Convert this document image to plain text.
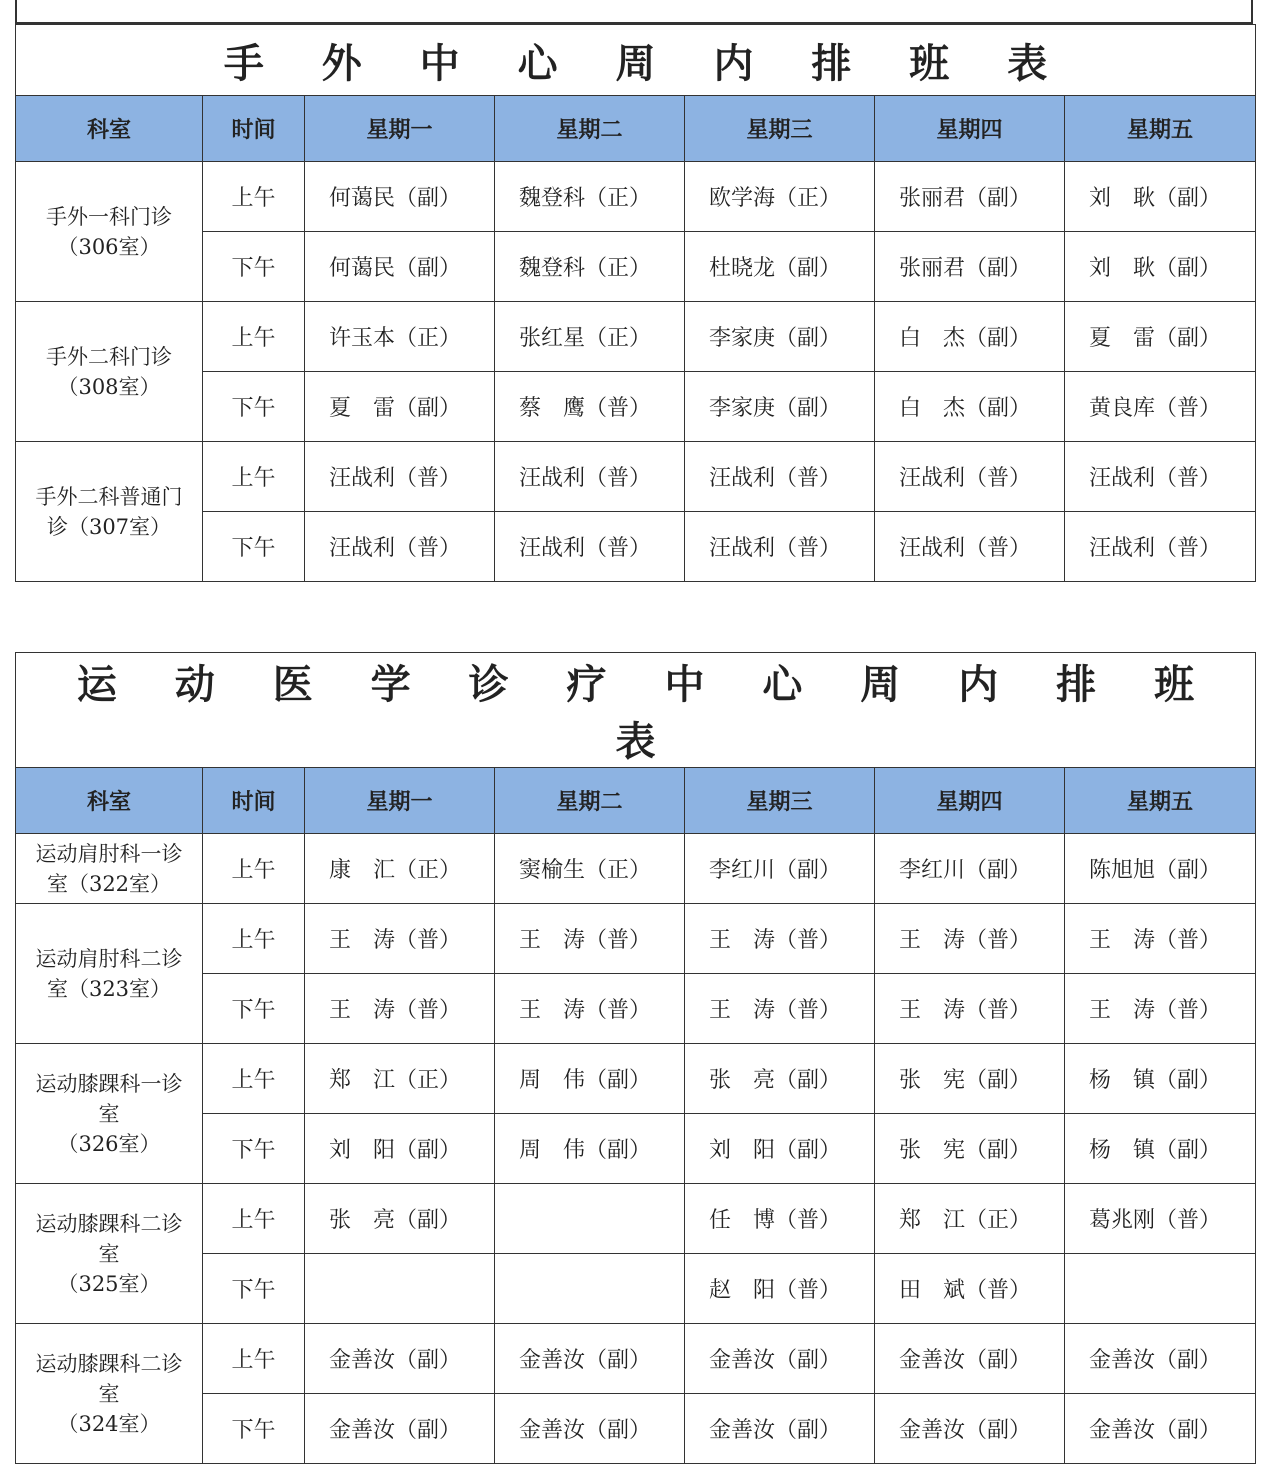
手 外 中 心 周 内 排 班 表						
科室	时间	星期一	星期二	星期三	星期四	星期五
手外一科门诊
（306室）	上午	何蔼民（副）	魏登科（正）	欧学海（正）	张丽君（副）	刘　耿（副）
	下午	何蔼民（副）	魏登科（正）	杜晓龙（副）	张丽君（副）	刘　耿（副）
手外二科门诊
（308室）	上午	许玉本（正）	张红星（正）	李家庚（副）	白　杰（副）	夏　雷（副）
	下午	夏　雷（副）	蔡　鹰（普）	李家庚（副）	白　杰（副）	黄良库（普）
手外二科普通门
诊（307室）	上午	汪战利（普）	汪战利（普）	汪战利（普）	汪战利（普）	汪战利（普）
	下午	汪战利（普）	汪战利（普）	汪战利（普）	汪战利（普）	汪战利（普）
运 动 医 学 诊 疗 中 心 周 内 排 班 表						
科室	时间	星期一	星期二	星期三	星期四	星期五
运动肩肘科一诊
室（322室）	上午	康　汇（正）	窦榆生（正）	李红川（副）	李红川（副）	陈旭旭（副）
运动肩肘科二诊
室（323室）	上午	王　涛（普）	王　涛（普）	王　涛（普）	王　涛（普）	王　涛（普）
	下午	王　涛（普）	王　涛（普）	王　涛（普）	王　涛（普）	王　涛（普）
运动膝踝科一诊
室
（326室）	上午	郑　江（正）	周　伟（副）	张　亮（副）	张　宪（副）	杨　镇（副）
	下午	刘　阳（副）	周　伟（副）	刘　阳（副）	张　宪（副）	杨　镇（副）
运动膝踝科二诊
室
（325室）	上午	张　亮（副）		任　博（普）	郑　江（正）	葛兆刚（普）
	下午			赵　阳（普）	田　斌（普）	
运动膝踝科二诊
室
（324室）	上午	金善汝（副）	金善汝（副）	金善汝（副）	金善汝（副）	金善汝（副）
	下午	金善汝（副）	金善汝（副）	金善汝（副）	金善汝（副）	金善汝（副）
